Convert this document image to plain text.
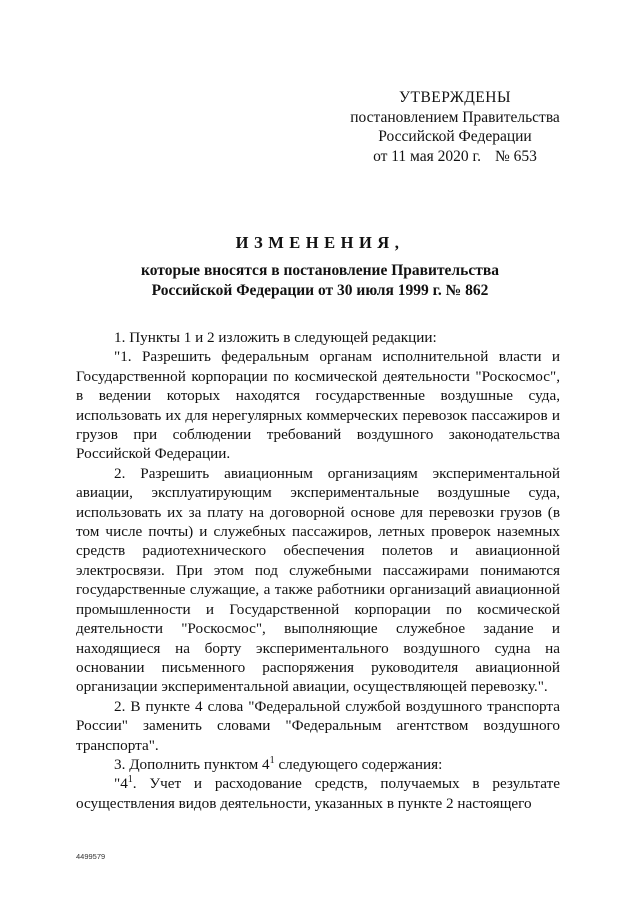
УТВЕРЖДЕНЫ
постановлением Правительства
Российской Федерации
от 11 мая 2020 г. № 653
ИЗМЕНЕНИЯ,
которые вносятся в постановление Правительства
Российской Федерации от 30 июля 1999 г. № 862

1. Пункты 1 и 2 изложить в следующей редакции:

"1. Разрешить федеральным органам исполнительной власти и Государственной корпорации по космической деятельности "Роскосмос", в ведении которых находятся государственные воздушные суда, использовать их для нерегулярных коммерческих перевозок пассажиров и грузов при соблюдении требований воздушного законодательства Российской Федерации.

2. Разрешить авиационным организациям экспериментальной авиации, эксплуатирующим экспериментальные воздушные суда, использовать их за плату на договорной основе для перевозки грузов (в том числе почты) и служебных пассажиров, летных проверок наземных средств радиотехнического обеспечения полетов и авиационной электросвязи. При этом под служебными пассажирами понимаются государственные служащие, а также работники организаций авиационной промышленности и Государственной корпорации по космической деятельности "Роскосмос", выполняющие служебное задание и находящиеся на борту экспериментального воздушного судна на основании письменного распоряжения руководителя авиационной организации экспериментальной авиации, осуществляющей перевозку.".

2. В пункте 4 слова "Федеральной службой воздушного транспорта России" заменить словами "Федеральным агентством воздушного транспорта".

3. Дополнить пунктом $4^1$ следующего содержания:

"$4^1$. Учет и расходование средств, получаемых в результате осуществления видов деятельности, указанных в пункте 2 настоящего

4499579
